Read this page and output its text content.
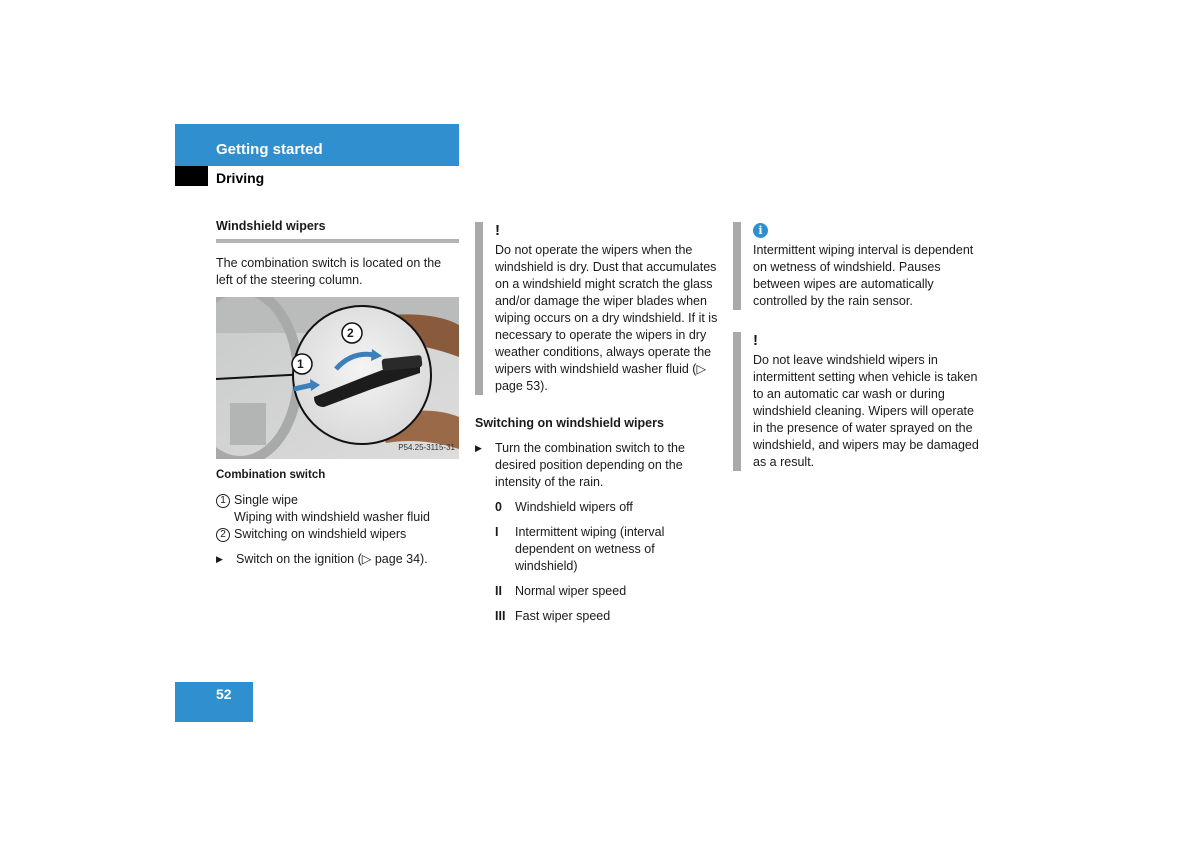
Getting started
Driving
Windshield wipers

The combination switch is located on the left of the steering column.

1
2
P54.25-3115-31
Combination switch
1 Single wipe
Wiping with windshield washer fluid
2 Switching on windshield wipers
▶	Switch on the ignition (▷ page 34).
!

Do not operate the wipers when the windshield is dry. Dust that accumulates on a windshield might scratch the glass and/or damage the wiper blades when wiping occurs on a dry windshield. If it is necessary to operate the wipers in dry weather conditions, always operate the wipers with windshield washer fluid (▷ page 53).

Switching on windshield wipers
▶	Turn the combination switch to the desired position depending on the intensity of the rain.
0	Windshield wipers off
I	Intermittent wiping (interval dependent on wetness of windshield)
II	Normal wiper speed
III Fast wiper speed
i

Intermittent wiping interval is dependent on wetness of windshield. Pauses between wipes are automatically controlled by the rain sensor.

!

Do not leave windshield wipers in intermittent setting when vehicle is taken to an automatic car wash or during windshield cleaning. Wipers will operate in the presence of water sprayed on the windshield, and wipers may be damaged as a result.

52
